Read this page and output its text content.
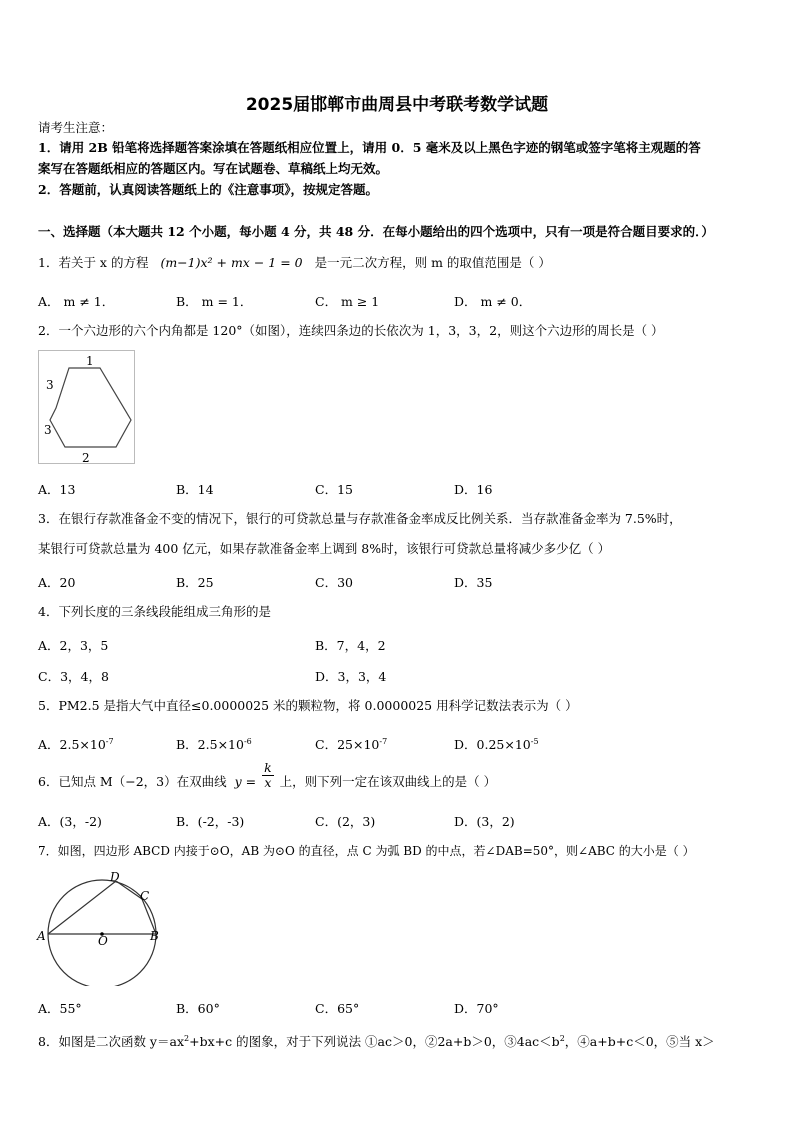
2025届邯郸市曲周县中考联考数学试题
请考生注意：
1．请用 2B 铅笔将选择题答案涂填在答题纸相应位置上，请用 0．5 毫米及以上黑色字迹的钢笔或签字笔将主观题的答
案写在答题纸相应的答题区内。写在试题卷、草稿纸上均无效。
2．答题前，认真阅读答题纸上的《注意事项》，按规定答题。
一、选择题（本大题共 12 个小题，每小题 4 分，共 48 分．在每小题给出的四个选项中，只有一项是符合题目要求的．）
1．若关于 x 的方程 (m−1)x² + mx − 1 = 0 是一元二次方程，则 m 的取值范围是（ ）
A． m ≠ 1．	B． m = 1．	C． m ≥ 1	D． m ≠ 0．
2．一个六边形的六个内角都是 120°（如图），连续四条边的长依次为 1，3，3，2，则这个六边形的周长是（ ）
1
3
3
2
A．13	B．14	C．15	D．16
3．在银行存款准备金不变的情况下，银行的可贷款总量与存款准备金率成反比例关系．当存款准备金率为 7.5%时，
某银行可贷款总量为 400 亿元，如果存款准备金率上调到 8%时，该银行可贷款总量将减少多少亿（ ）
A．20	B．25	C．30	D．35
4．下列长度的三条线段能组成三角形的是
A．2，3，5	B．7，4，2
C．3，4，8	D．3，3，4
5．PM2.5 是指大气中直径≤0.0000025 米的颗粒物，将 0.0000025 用科学记数法表示为（ ）
A．$2.5\times 10^{-7}$	B．$2.5\times 10^{-6}$	C．$25\times 10^{-7}$	D．$0.25\times 10^{-5}$
6．已知点 M（−2，3）在双曲线 $y = \frac{k}{x}$ 上，则下列一定在该双曲线上的是（ ）
A．(3，-2)	B．(-2，-3)	C．(2，3)	D．(3，2)
7．如图，四边形 ABCD 内接于⊙O，AB 为⊙O 的直径，点 C 为弧 BD 的中点，若∠DAB=50°，则∠ABC 的大小是（ ）
A	B
C
D
O
A．55°	B．60°	C．65°	D．70°
8．如图是二次函数 $y=ax^2+bx+c$ 的图象，对于下列说法 ①ac＞0，②2a+b＞0，$③4ac<b^2$，④a+b+c＜0，⑤当 x＞
